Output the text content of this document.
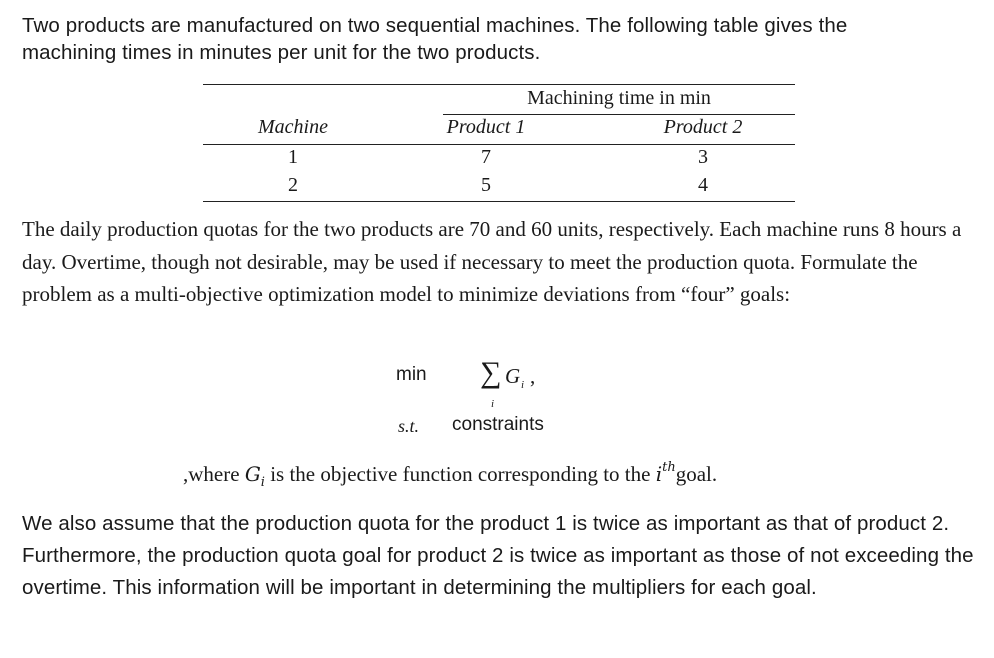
Two products are manufactured on two sequential machines. The following table gives the machining times in minutes per unit for the two products.

Machining time in min
Machine	Product 1	Product 2
1	7	3
2	5	4

The daily production quotas for the two products are 70 and 60 units, respectively. Each machine runs 8 hours a day. Overtime, though not desirable, may be used if necessary to meet the production quota. Formulate the problem as a multi-objective optimization model to minimize deviations from “four” goals:

min ∑ G i ,
i
s.t. constraints
,where $G_i$ is the objective function corresponding to the $i^{th}goal$.

We also assume that the production quota for the product 1 is twice as important as that of product 2. Furthermore, the production quota goal for product 2 is twice as important as those of not exceeding the overtime. This information will be important in determining the multipliers for each goal.
